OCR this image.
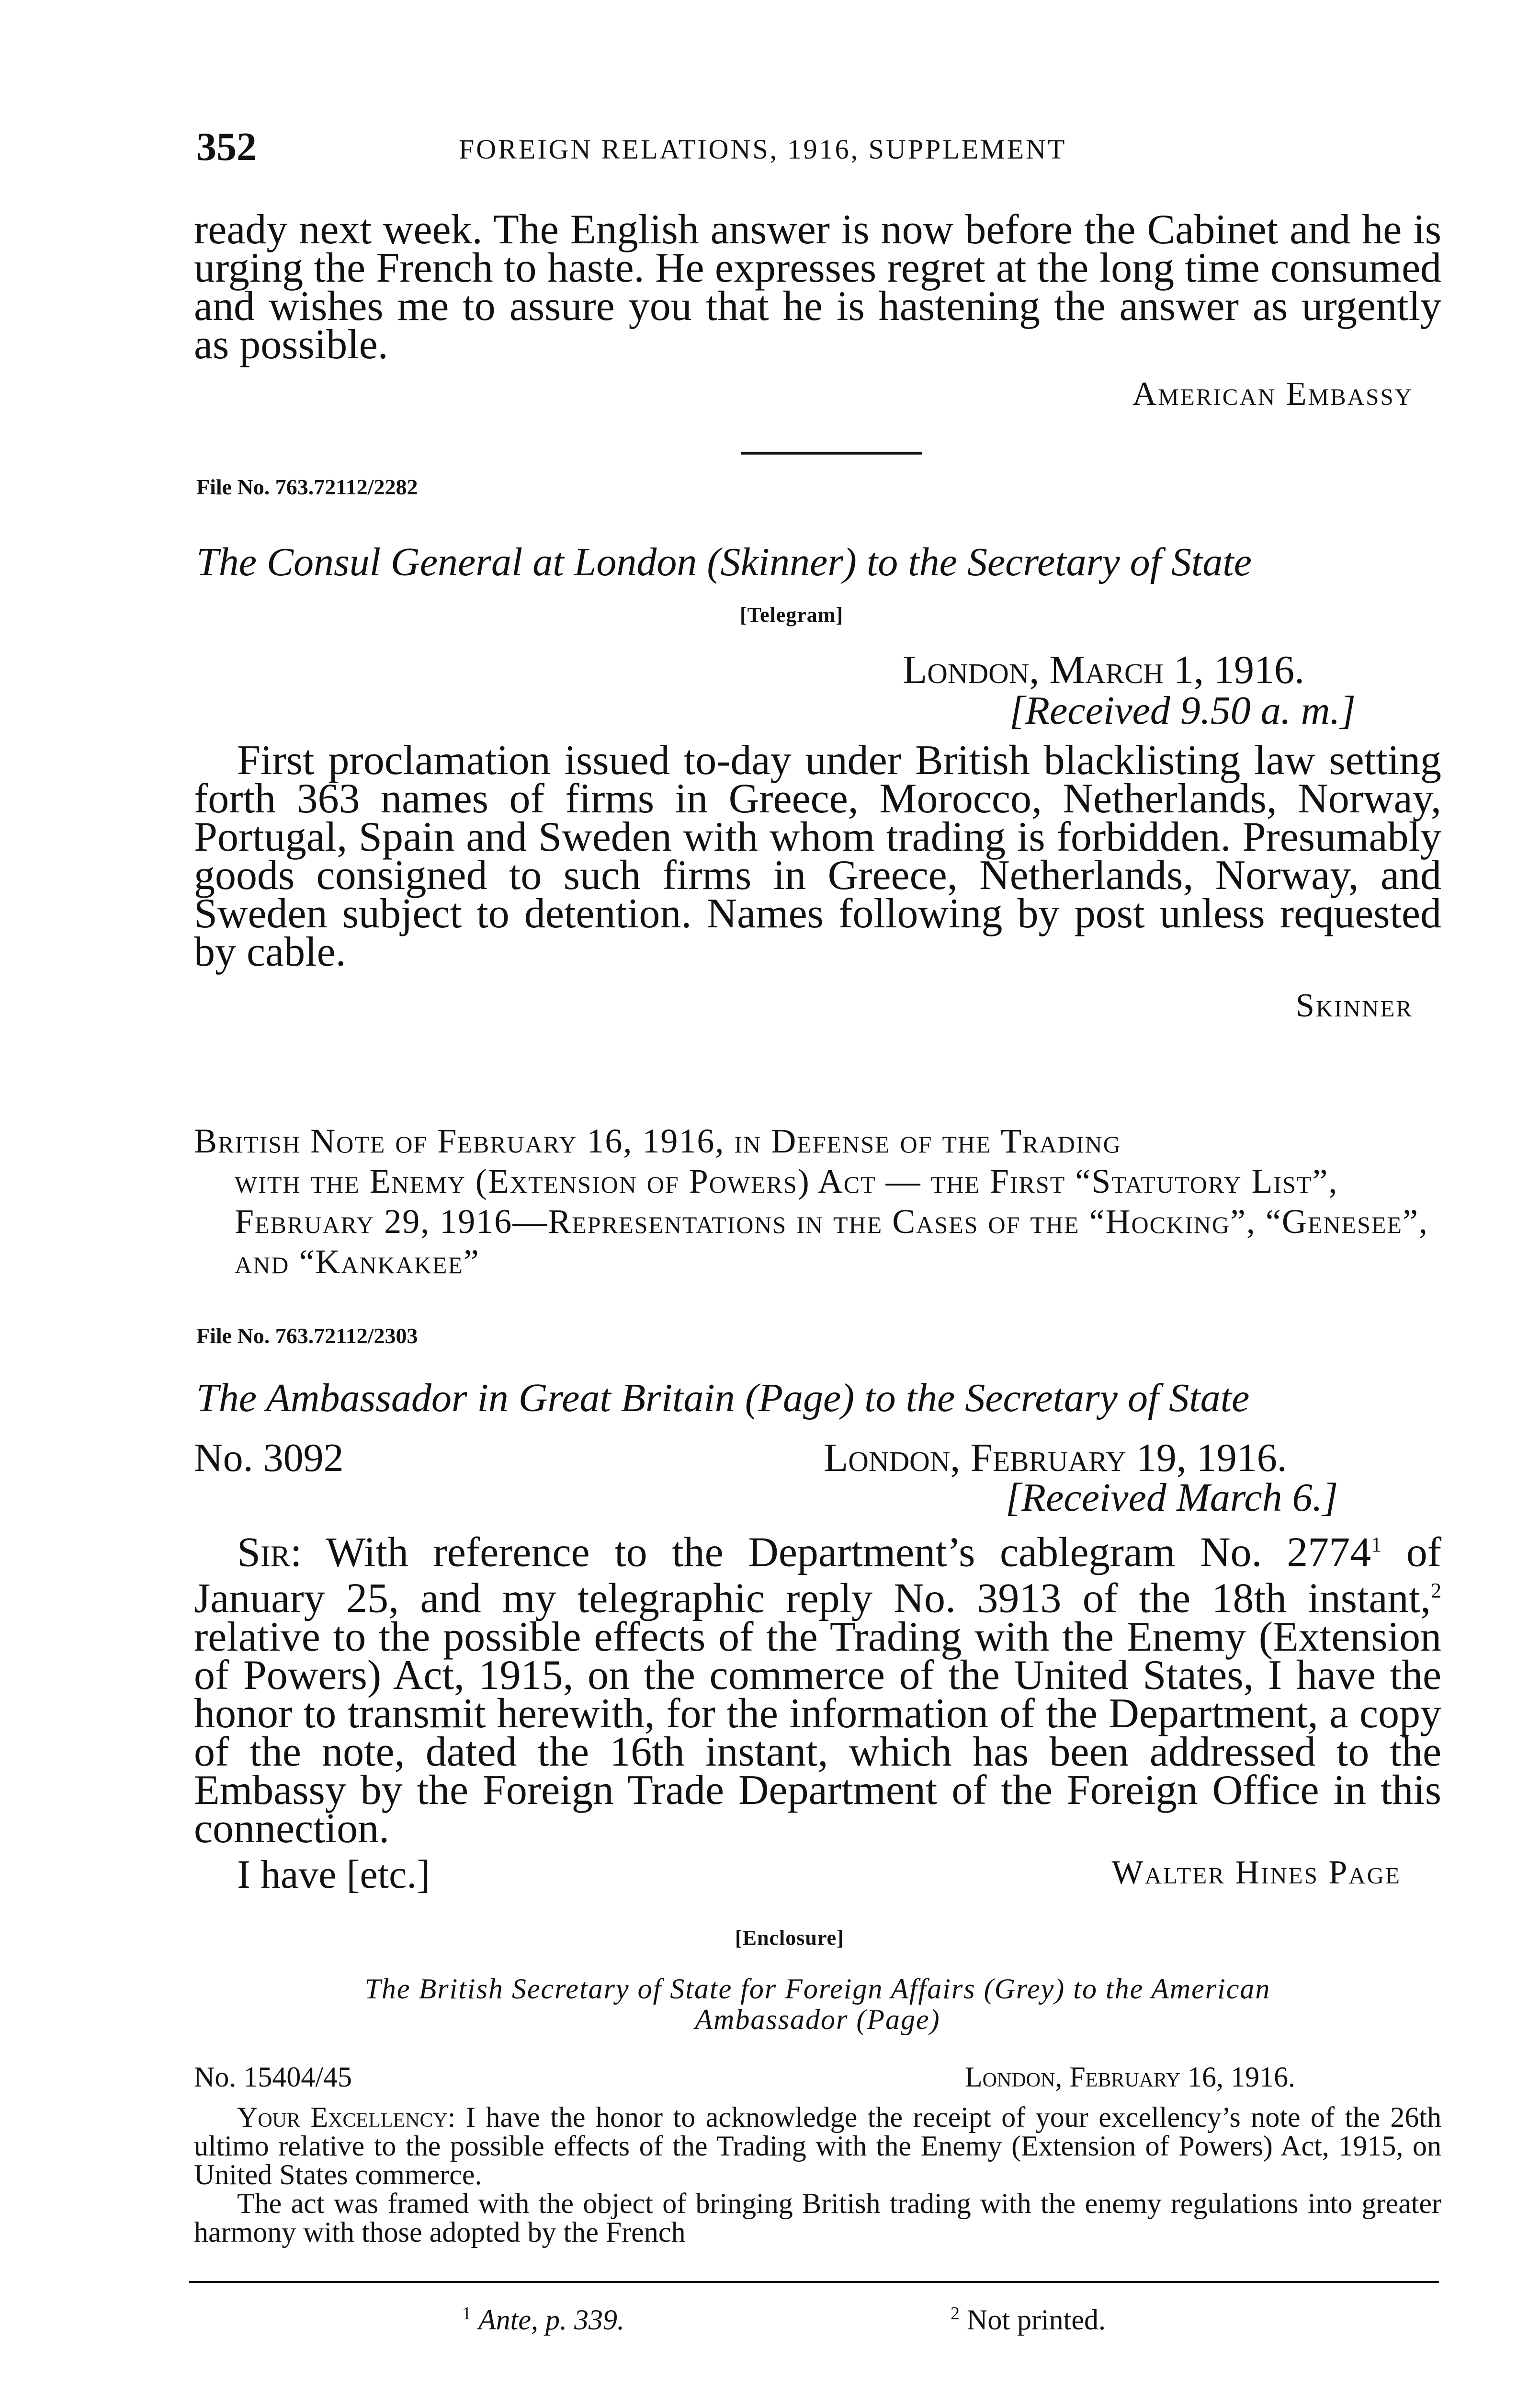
352	FOREIGN RELATIONS, 1916, SUPPLEMENT

ready next week. The English answer is now before the Cabinet and he is urging the French to haste. He expresses regret at the long time consumed and wishes me to assure you that he is hastening the answer as urgently as possible.

American Embassy
File No. 763.72112/2282
The Consul General at London (Skinner) to the Secretary of State
[Telegram]
London, March 1, 1916.
[Received 9.50 a. m.]

First proclamation issued to-day under British blacklisting law setting forth 363 names of firms in Greece, Morocco, Netherlands, Norway, Portugal, Spain and Sweden with whom trading is forbidden. Presumably goods consigned to such firms in Greece, Netherlands, Norway, and Sweden subject to detention. Names following by post unless requested by cable.

Skinner
British Note of February 16, 1916, in Defense of the Trading
with the Enemy (Extension of Powers) Act — the First “Statutory List”, February 29, 1916—Representations in the Cases of the “Hocking”, “Genesee”, and “Kankakee”
File No. 763.72112/2303
The Ambassador in Great Britain (Page) to the Secretary of State
No. 3092	London, February 19, 1916.
[Received March 6.]

Sir: With reference to the Department’s cablegram No. 2774$^1$ of January 25, and my telegraphic reply No. 3913 of the 18th instant,$^2$ relative to the possible effects of the Trading with the Enemy (Extension of Powers) Act, 1915, on the commerce of the United States, I have the honor to transmit herewith, for the information of the Department, a copy of the note, dated the 16th instant, which has been addressed to the Embassy by the Foreign Trade Department of the Foreign Office in this connection.

I have [etc.]	Walter Hines Page
[Enclosure]
The British Secretary of State for Foreign Affairs (Grey) to the American
Ambassador (Page)
No. 15404/45	London, February 16, 1916.

Your Excellency: I have the honor to acknowledge the receipt of your excellency’s note of the 26th ultimo relative to the possible effects of the Trading with the Enemy (Extension of Powers) Act, 1915, on United States commerce.

The act was framed with the object of bringing British trading with the enemy regulations into greater harmony with those adopted by the French

$^1$ Ante, p. 339.	$^2$ Not printed.
